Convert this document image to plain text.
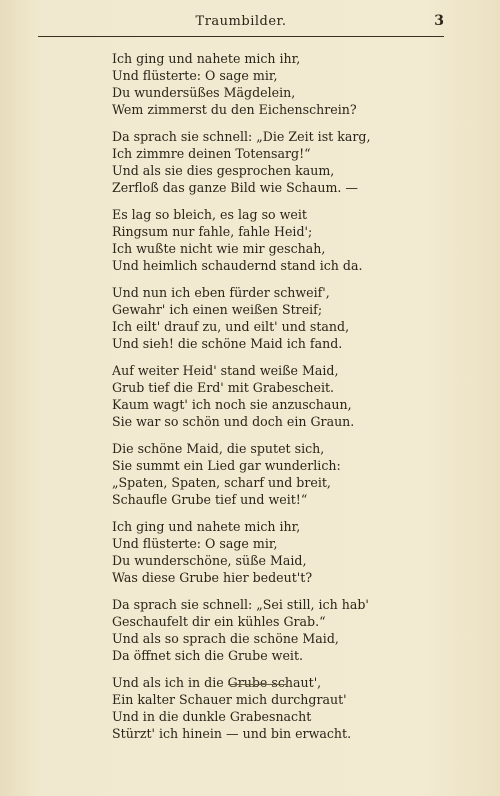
Traumbilder.	3
Ich ging und nahete mich ihr,
Und flüsterte: O sage mir,
Du wundersüßes Mägdelein,
Wem zimmerst du den Eichenschrein?
Da sprach sie schnell: „Die Zeit ist karg,
Ich zimmre deinen Totensarg!“
Und als sie dies gesprochen kaum,
Zerfloß das ganze Bild wie Schaum. —
Es lag so bleich, es lag so weit
Ringsum nur fahle, fahle Heid';
Ich wußte nicht wie mir geschah,
Und heimlich schaudernd stand ich da.
Und nun ich eben fürder schweif',
Gewahr' ich einen weißen Streif;
Ich eilt' drauf zu, und eilt' und stand,
Und sieh! die schöne Maid ich fand.
Auf weiter Heid' stand weiße Maid,
Grub tief die Erd' mit Grabescheit.
Kaum wagt' ich noch sie anzuschaun,
Sie war so schön und doch ein Graun.
Die schöne Maid, die sputet sich,
Sie summt ein Lied gar wunderlich:
„Spaten, Spaten, scharf und breit,
Schaufle Grube tief und weit!“
Ich ging und nahete mich ihr,
Und flüsterte: O sage mir,
Du wunderschöne, süße Maid,
Was diese Grube hier bedeut't?
Da sprach sie schnell: „Sei still, ich hab'
Geschaufelt dir ein kühles Grab.“
Und als so sprach die schöne Maid,
Da öffnet sich die Grube weit.
Und als ich in die Grube schaut',
Ein kalter Schauer mich durchgraut'
Und in die dunkle Grabesnacht
Stürzt' ich hinein — und bin erwacht.
